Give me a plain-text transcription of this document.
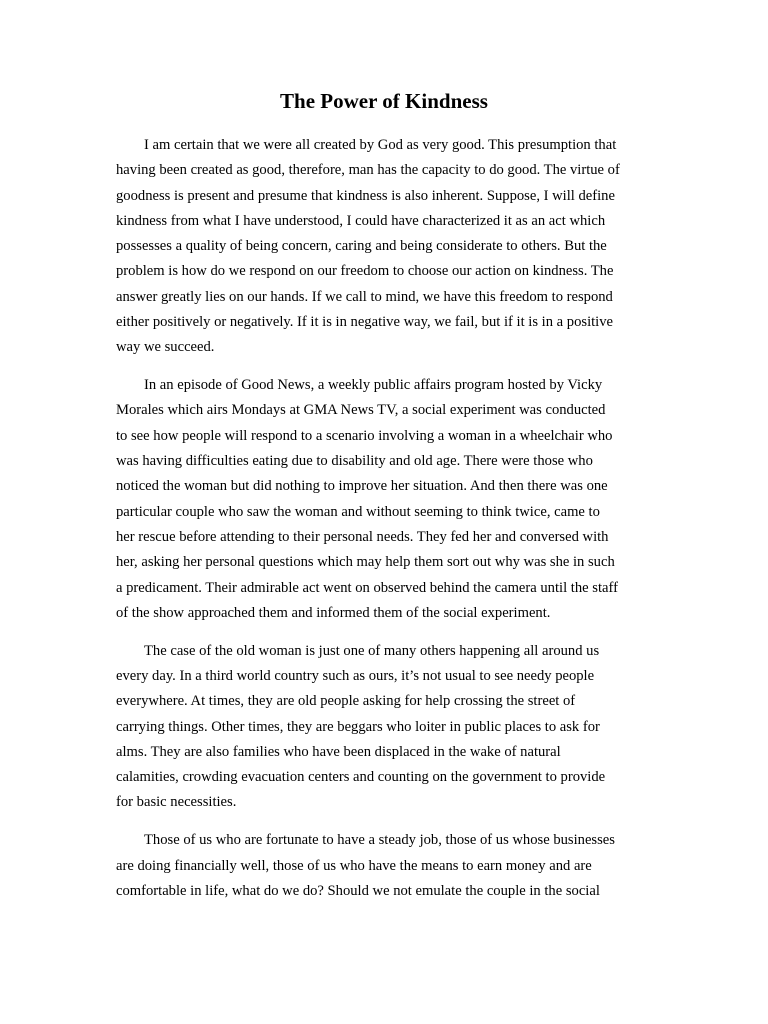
The Power of Kindness

I am certain that we were all created by God as very good. This presumption that
having been created as good, therefore, man has the capacity to do good. The virtue of
goodness is present and presume that kindness is also inherent. Suppose, I will define
kindness from what I have understood, I could have characterized it as an act which
possesses a quality of being concern, caring and being considerate to others. But the
problem is how do we respond on our freedom to choose our action on kindness. The
answer greatly lies on our hands. If we call to mind, we have this freedom to respond
either positively or negatively. If it is in negative way, we fail, but if it is in a positive
way we succeed.

In an episode of Good News, a weekly public affairs program hosted by Vicky
Morales which airs Mondays at GMA News TV, a social experiment was conducted
to see how people will respond to a scenario involving a woman in a wheelchair who
was having difficulties eating due to disability and old age. There were those who
noticed the woman but did nothing to improve her situation. And then there was one
particular couple who saw the woman and without seeming to think twice, came to
her rescue before attending to their personal needs. They fed her and conversed with
her, asking her personal questions which may help them sort out why was she in such
a predicament. Their admirable act went on observed behind the camera until the staff
of the show approached them and informed them of the social experiment.

The case of the old woman is just one of many others happening all around us
every day. In a third world country such as ours, it’s not usual to see needy people
everywhere. At times, they are old people asking for help crossing the street of
carrying things. Other times, they are beggars who loiter in public places to ask for
alms. They are also families who have been displaced in the wake of natural
calamities, crowding evacuation centers and counting on the government to provide
for basic necessities.

Those of us who are fortunate to have a steady job, those of us whose businesses
are doing financially well, those of us who have the means to earn money and are
comfortable in life, what do we do? Should we not emulate the couple in the social
